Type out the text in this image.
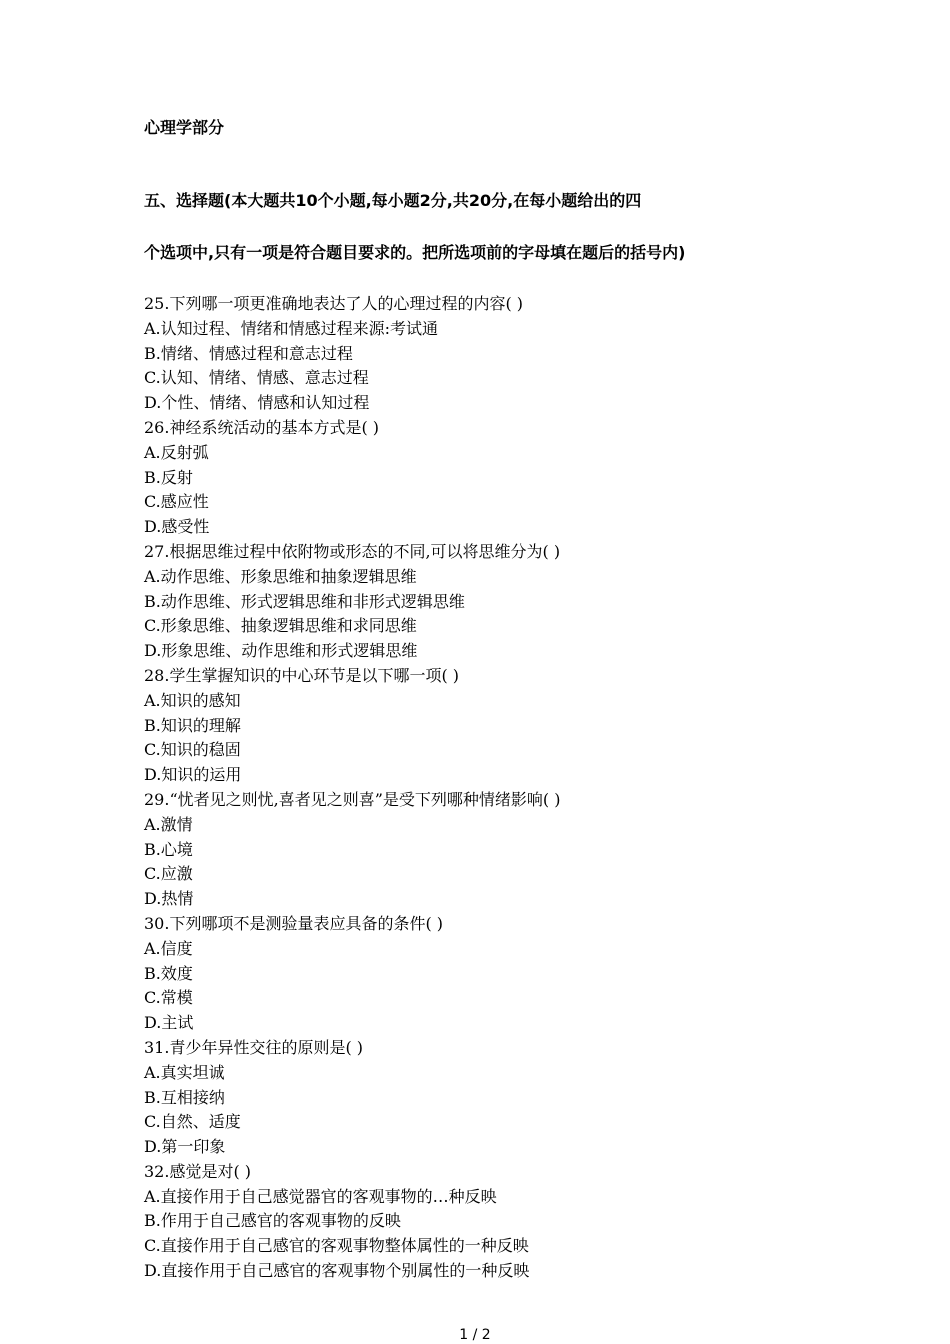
心理学部分

五、选择题(本大题共10个小题,每小题2分,共20分,在每小题给出的四

个选项中,只有一项是符合题目要求的。把所选项前的字母填在题后的括号内)

25.下列哪一项更准确地表达了人的心理过程的内容( )
A.认知过程、情绪和情感过程来源:考试通
B.情绪、情感过程和意志过程
C.认知、情绪、情感、意志过程
D.个性、情绪、情感和认知过程
26.神经系统活动的基本方式是( )
A.反射弧
B.反射
C.感应性
D.感受性
27.根据思维过程中依附物或形态的不同,可以将思维分为( )
A.动作思维、形象思维和抽象逻辑思维
B.动作思维、形式逻辑思维和非形式逻辑思维
C.形象思维、抽象逻辑思维和求同思维
D.形象思维、动作思维和形式逻辑思维
28.学生掌握知识的中心环节是以下哪一项( )
A.知识的感知
B.知识的理解
C.知识的稳固
D.知识的运用
29.“忧者见之则忧,喜者见之则喜”是受下列哪种情绪影响( )
A.激情
B.心境
C.应激
D.热情
30.下列哪项不是测验量表应具备的条件( )
A.信度
B.效度
C.常模
D.主试
31.青少年异性交往的原则是( )
A.真实坦诚
B.互相接纳
C.自然、适度
D.第一印象
32.感觉是对( )
A.直接作用于自己感觉器官的客观事物的…种反映
B.作用于自己感官的客观事物的反映
C.直接作用于自己感官的客观事物整体属性的一种反映
D.直接作用于自己感官的客观事物个别属性的一种反映
1 / 2
